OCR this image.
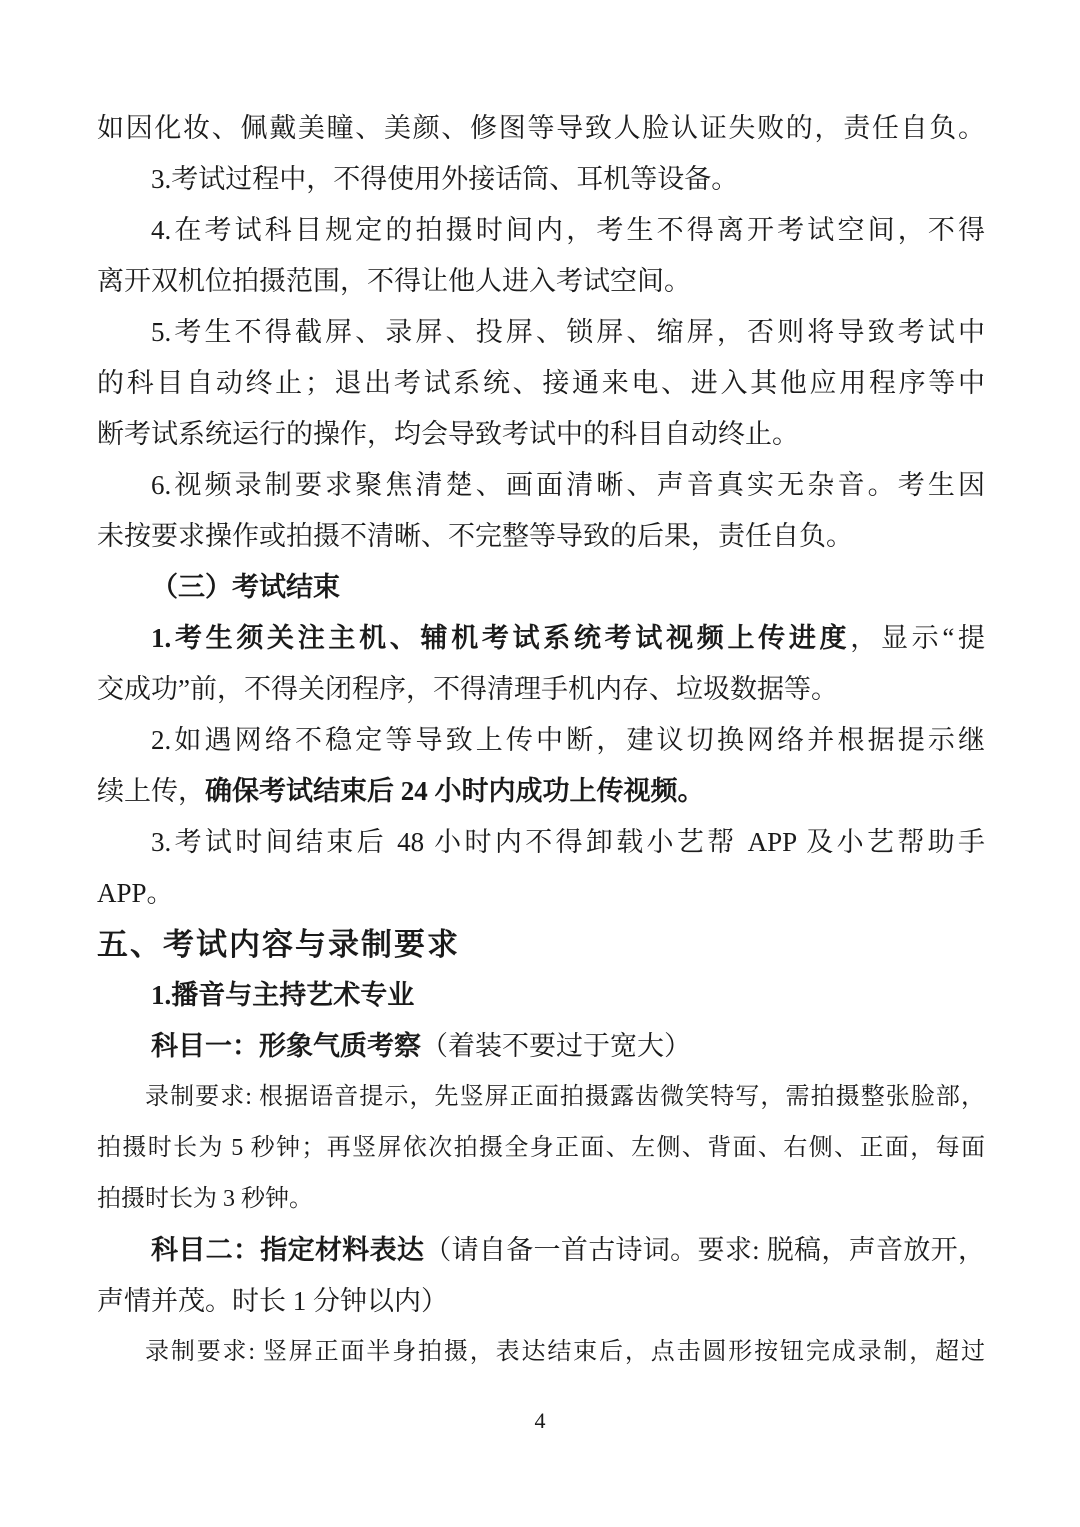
如因化妆、佩戴美瞳、美颜、修图等导致人脸认证失败的，责任自负。
3.考试过程中，不得使用外接话筒、耳机等设备。
4.在考试科目规定的拍摄时间内，考生不得离开考试空间，不得
离开双机位拍摄范围，不得让他人进入考试空间。
5.考生不得截屏、录屏、投屏、锁屏、缩屏，否则将导致考试中
的科目自动终止；退出考试系统、接通来电、进入其他应用程序等中
断考试系统运行的操作，均会导致考试中的科目自动终止。
6.视频录制要求聚焦清楚、画面清晰、声音真实无杂音。考生因
未按要求操作或拍摄不清晰、不完整等导致的后果，责任自负。
（三）考试结束
1.考生须关注主机、辅机考试系统考试视频上传进度，显示“提
交成功”前，不得关闭程序，不得清理手机内存、垃圾数据等。
2.如遇网络不稳定等导致上传中断，建议切换网络并根据提示继
续上传，确保考试结束后 24 小时内成功上传视频。
3.考试时间结束后 48 小时内不得卸载小艺帮 APP 及小艺帮助手
APP。
五、考试内容与录制要求
1.播音与主持艺术专业
科目一：形象气质考察（着装不要过于宽大）
录制要求: 根据语音提示，先竖屏正面拍摄露齿微笑特写，需拍摄整张脸部，
拍摄时长为 5 秒钟；再竖屏依次拍摄全身正面、左侧、背面、右侧、正面，每面
拍摄时长为 3 秒钟。
科目二：指定材料表达（请自备一首古诗词。要求: 脱稿，声音放开，
声情并茂。时长 1 分钟以内）
录制要求: 竖屏正面半身拍摄，表达结束后，点击圆形按钮完成录制，超过
4
